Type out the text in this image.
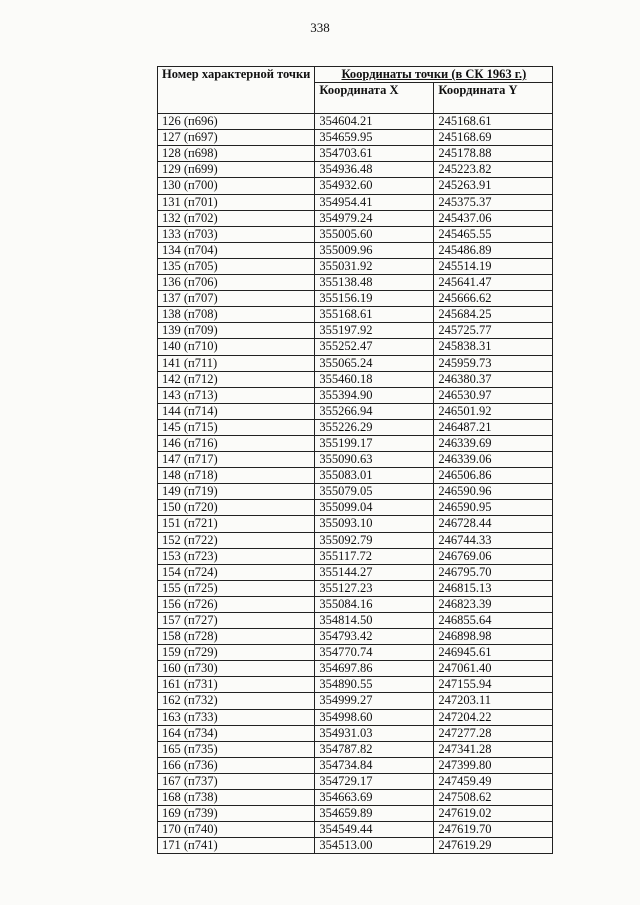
338
Номер характерной точки	Координаты точки (в СК 1963 г.)	
	Координата X	Координата Y
126 (п696)	354604.21	245168.61
127 (п697)	354659.95	245168.69
128 (п698)	354703.61	245178.88
129 (п699)	354936.48	245223.82
130 (п700)	354932.60	245263.91
131 (п701)	354954.41	245375.37
132 (п702)	354979.24	245437.06
133 (п703)	355005.60	245465.55
134 (п704)	355009.96	245486.89
135 (п705)	355031.92	245514.19
136 (п706)	355138.48	245641.47
137 (п707)	355156.19	245666.62
138 (п708)	355168.61	245684.25
139 (п709)	355197.92	245725.77
140 (п710)	355252.47	245838.31
141 (п711)	355065.24	245959.73
142 (п712)	355460.18	246380.37
143 (п713)	355394.90	246530.97
144 (п714)	355266.94	246501.92
145 (п715)	355226.29	246487.21
146 (п716)	355199.17	246339.69
147 (п717)	355090.63	246339.06
148 (п718)	355083.01	246506.86
149 (п719)	355079.05	246590.96
150 (п720)	355099.04	246590.95
151 (п721)	355093.10	246728.44
152 (п722)	355092.79	246744.33
153 (п723)	355117.72	246769.06
154 (п724)	355144.27	246795.70
155 (п725)	355127.23	246815.13
156 (п726)	355084.16	246823.39
157 (п727)	354814.50	246855.64
158 (п728)	354793.42	246898.98
159 (п729)	354770.74	246945.61
160 (п730)	354697.86	247061.40
161 (п731)	354890.55	247155.94
162 (п732)	354999.27	247203.11
163 (п733)	354998.60	247204.22
164 (п734)	354931.03	247277.28
165 (п735)	354787.82	247341.28
166 (п736)	354734.84	247399.80
167 (п737)	354729.17	247459.49
168 (п738)	354663.69	247508.62
169 (п739)	354659.89	247619.02
170 (п740)	354549.44	247619.70
171 (п741)	354513.00	247619.29
